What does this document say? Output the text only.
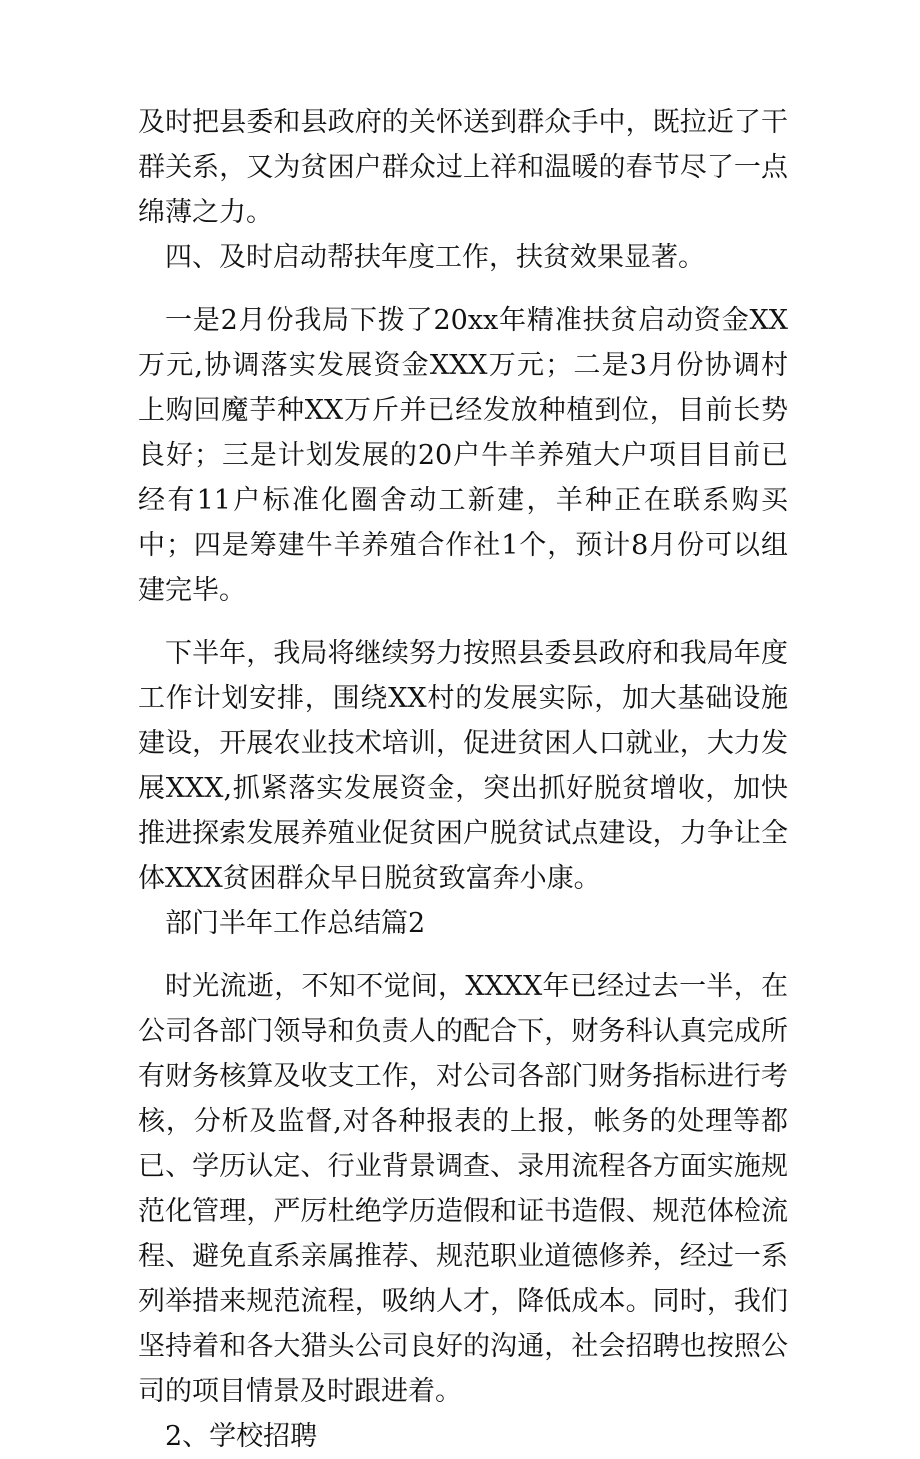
及时把县委和县政府的关怀送到群众手中，既拉近了干群关系，又为贫困户群众过上祥和温暖的春节尽了一点绵薄之力。

四、及时启动帮扶年度工作，扶贫效果显著。

一是2月份我局下拨了20xx年精准扶贫启动资金XX万元,协调落实发展资金XXX万元；二是3月份协调村上购回魔芋种XX万斤并已经发放种植到位，目前长势良好；三是计划发展的20户牛羊养殖大户项目目前已经有11户标准化圈舍动工新建，羊种正在联系购买中；四是筹建牛羊养殖合作社1个，预计8月份可以组建完毕。

下半年，我局将继续努力按照县委县政府和我局年度工作计划安排，围绕XX村的发展实际，加大基础设施建设，开展农业技术培训，促进贫困人口就业，大力发展XXX,抓紧落实发展资金，突出抓好脱贫增收，加快推进探索发展养殖业促贫困户脱贫试点建设，力争让全体XXX贫困群众早日脱贫致富奔小康。

部门半年工作总结篇2

时光流逝，不知不觉间，XXXX年已经过去一半，在公司各部门领导和负责人的配合下，财务科认真完成所有财务核算及收支工作，对公司各部门财务指标进行考核，分析及监督,对各种报表的上报，帐务的处理等都已、学历认定、行业背景调查、录用流程各方面实施规范化管理，严厉杜绝学历造假和证书造假、规范体检流程、避免直系亲属推荐、规范职业道德修养，经过一系列举措来规范流程，吸纳人才，降低成本。同时，我们坚持着和各大猎头公司良好的沟通，社会招聘也按照公司的项目情景及时跟进着。

2、学校招聘
